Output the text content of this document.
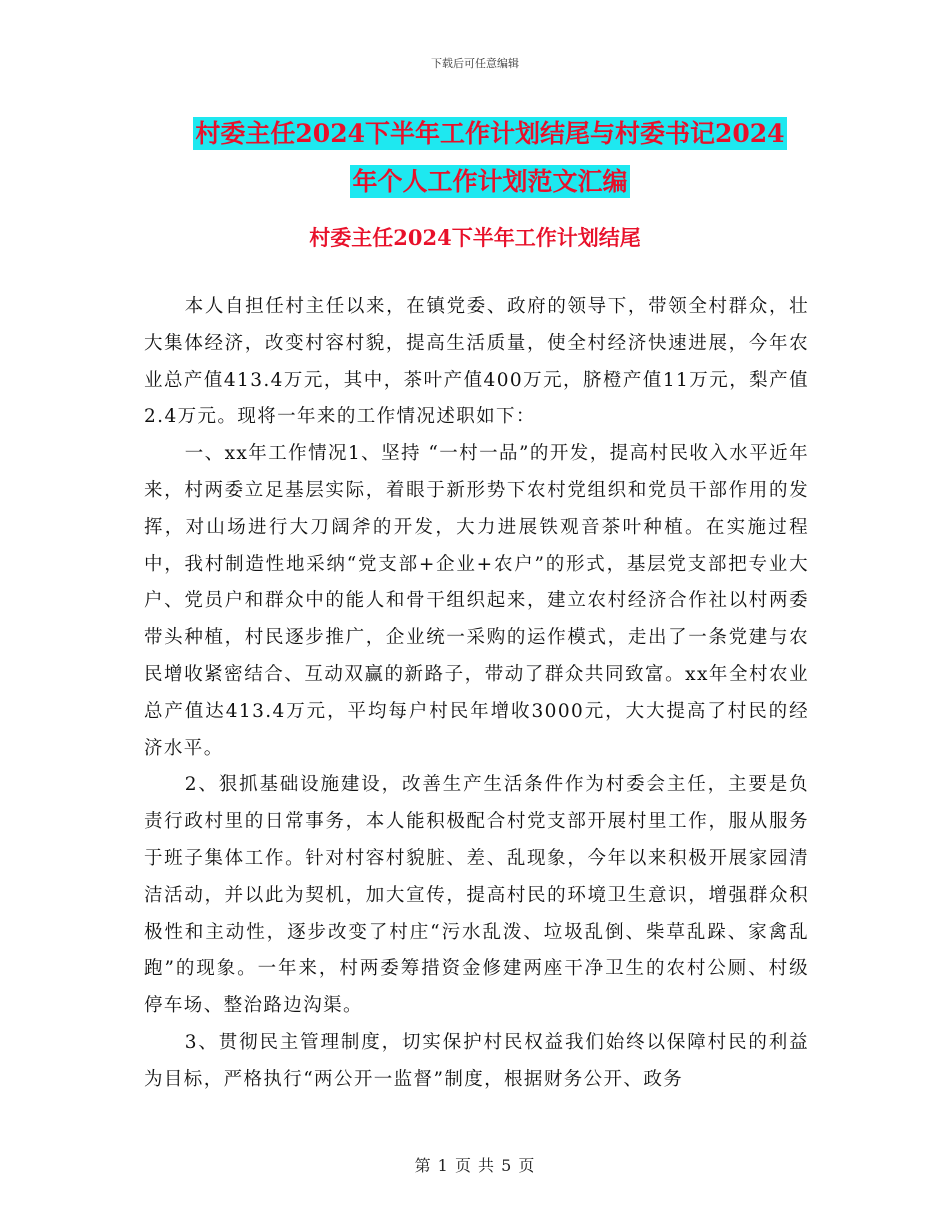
下载后可任意编辑
村委主任2024下半年工作计划结尾与村委书记2024
年个人工作计划范文汇编
村委主任2024下半年工作计划结尾

本人自担任村主任以来，在镇党委、政府的领导下，带领全村群众，壮大集体经济，改变村容村貌，提高生活质量，使全村经济快速进展，今年农业总产值413.4万元，其中，茶叶产值400万元，脐橙产值11万元，梨产值2.4万元。现将一年来的工作情况述职如下：

一、xx年工作情况1、坚持 “一村一品”的开发，提高村民收入水平近年来，村两委立足基层实际，着眼于新形势下农村党组织和党员干部作用的发挥，对山场进行大刀阔斧的开发，大力进展铁观音茶叶种植。在实施过程中，我村制造性地采纳“党支部+企业+农户”的形式，基层党支部把专业大户、党员户和群众中的能人和骨干组织起来，建立农村经济合作社以村两委带头种植，村民逐步推广，企业统一采购的运作模式，走出了一条党建与农民增收紧密结合、互动双赢的新路子，带动了群众共同致富。xx年全村农业总产值达413.4万元，平均每户村民年增收3000元，大大提高了村民的经济水平。

2、狠抓基础设施建设，改善生产生活条件作为村委会主任，主要是负责行政村里的日常事务，本人能积极配合村党支部开展村里工作，服从服务于班子集体工作。针对村容村貌脏、差、乱现象，今年以来积极开展家园清洁活动，并以此为契机，加大宣传，提高村民的环境卫生意识，增强群众积极性和主动性，逐步改变了村庄“污水乱泼、垃圾乱倒、柴草乱跺、家禽乱跑”的现象。一年来，村两委筹措资金修建两座干净卫生的农村公厕、村级停车场、整治路边沟渠。

3、贯彻民主管理制度，切实保护村民权益我们始终以保障村民的利益为目标，严格执行“两公开一监督”制度，根据财务公开、政务

第 1 页 共 5 页
